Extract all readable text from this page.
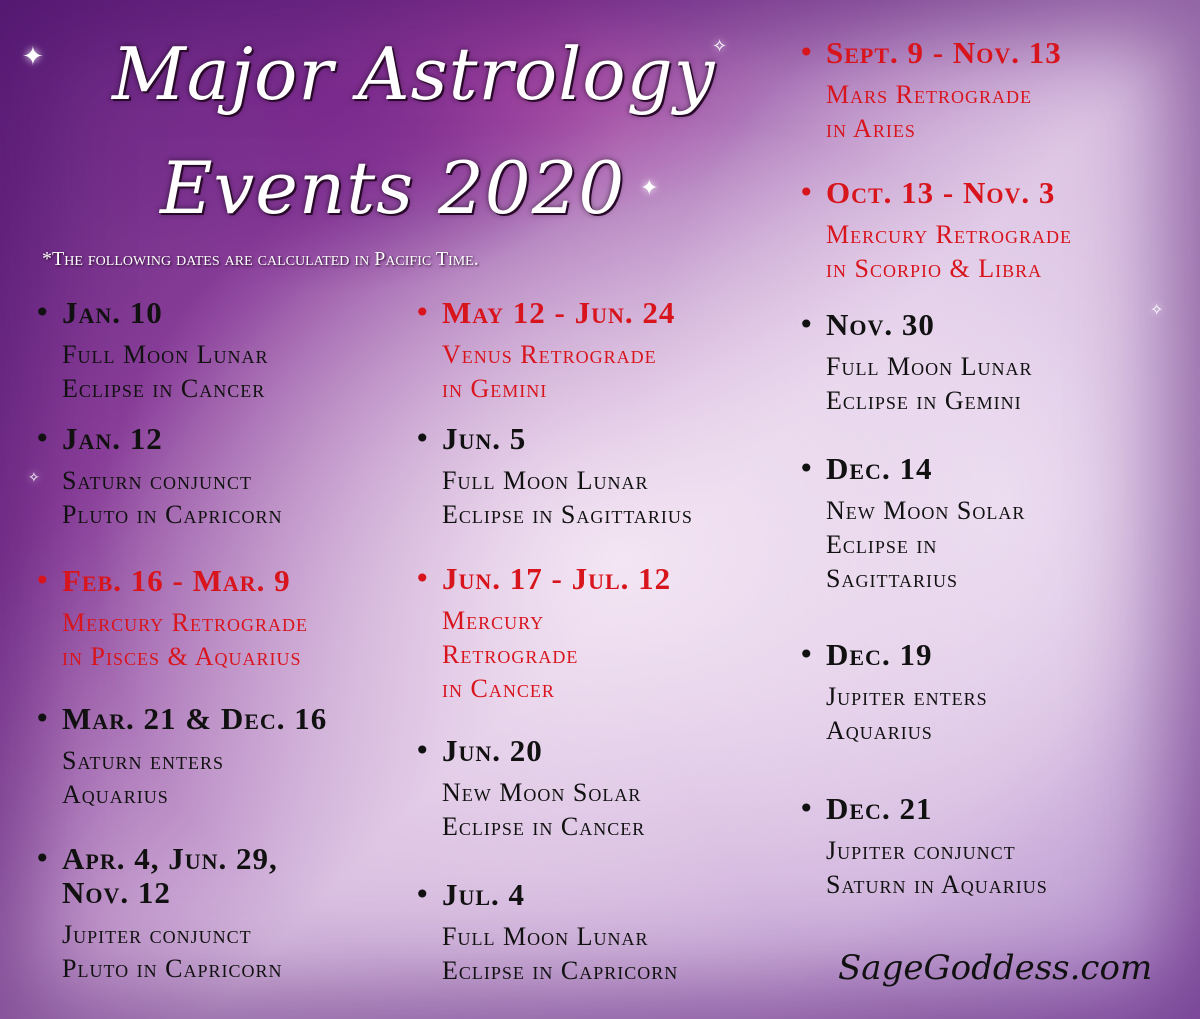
✦
✦
✧
✧
✧
Major Astrology
Events 2020
*The following dates are calculated in Pacific Time.
• Jan. 10
Full Moon Lunar
Eclipse in Cancer
• Jan. 12
Saturn conjunct
Pluto in Capricorn
• Feb. 16 - Mar. 9
Mercury Retrograde
in Pisces & Aquarius
• Mar. 21 & Dec. 16
Saturn enters
Aquarius
• Apr. 4, Jun. 29,
Nov. 12
Jupiter conjunct
Pluto in Capricorn
• May 12 - Jun. 24
Venus Retrograde
in Gemini
• Jun. 5
Full Moon Lunar
Eclipse in Sagittarius
• Jun. 17 - Jul. 12
Mercury
Retrograde
in Cancer
• Jun. 20
New Moon Solar
Eclipse in Cancer
• Jul. 4
Full Moon Lunar
Eclipse in Capricorn
• Sept. 9 - Nov. 13
Mars Retrograde
in Aries
• Oct. 13 - Nov. 3
Mercury Retrograde
in Scorpio & Libra
• Nov. 30
Full Moon Lunar
Eclipse in Gemini
• Dec. 14
New Moon Solar
Eclipse in
Sagittarius
• Dec. 19
Jupiter enters
Aquarius
• Dec. 21
Jupiter conjunct
Saturn in Aquarius
SageGoddess.com
